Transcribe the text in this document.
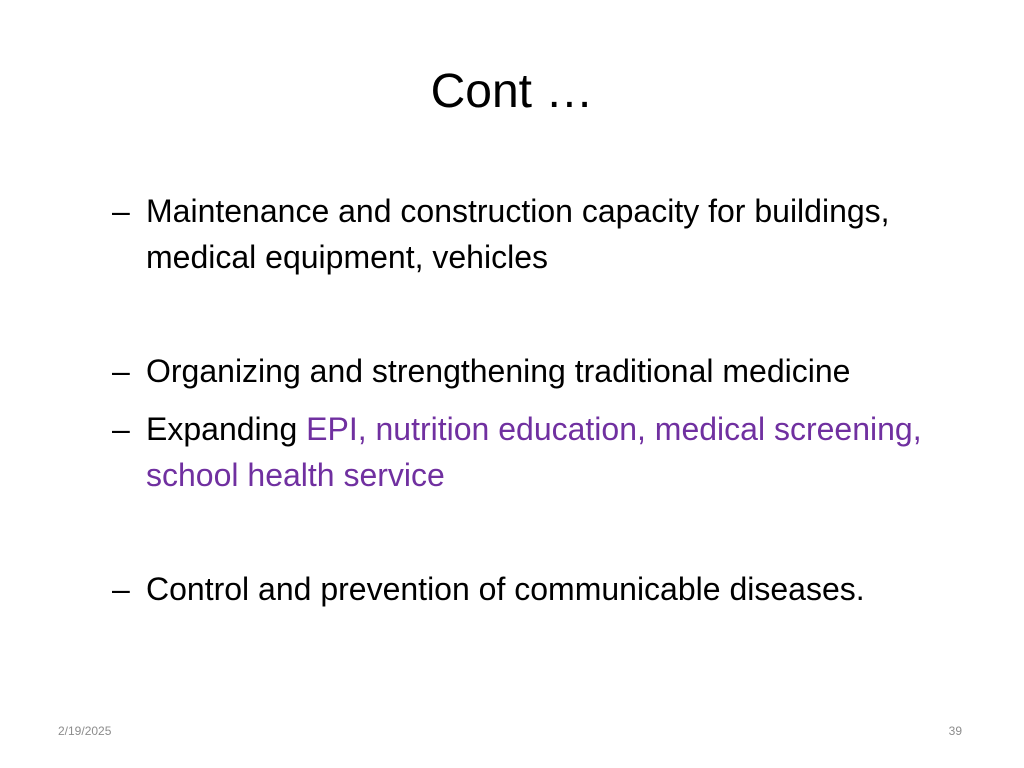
Cont …
– Maintenance and construction capacity for buildings, medical equipment, vehicles
– Organizing and strengthening traditional medicine
– Expanding EPI, nutrition education, medical screening, school health service
– Control and prevention of communicable diseases.
2/19/2025	39
